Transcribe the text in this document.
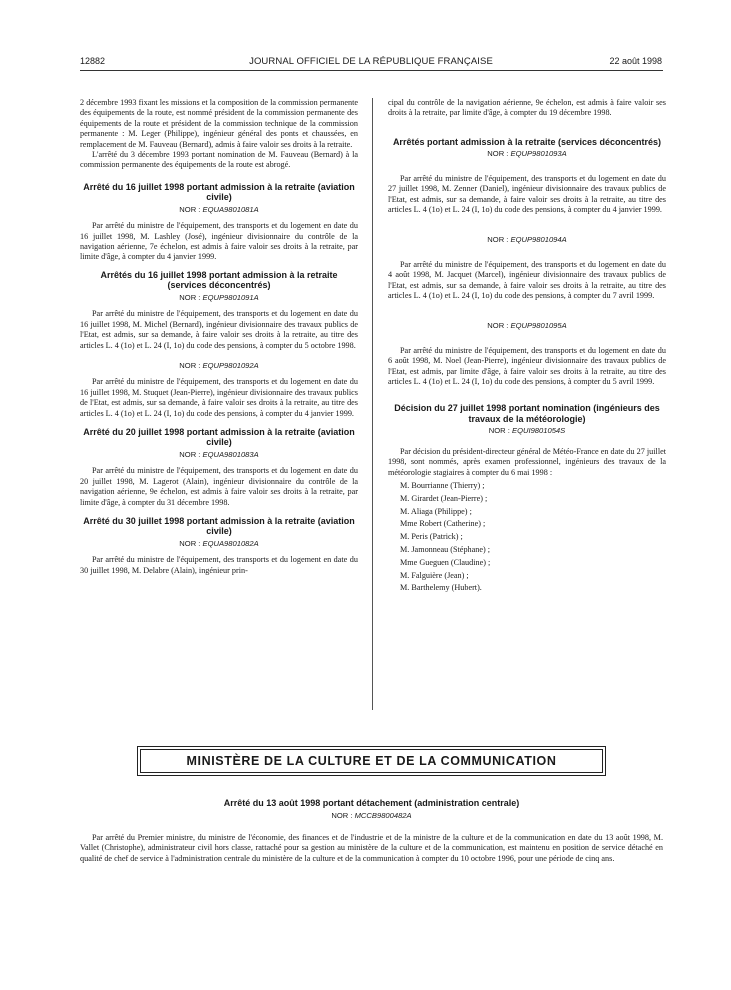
12882	JOURNAL OFFICIEL DE LA RÉPUBLIQUE FRANÇAISE	22 août 1998

2 décembre 1993 fixant les missions et la composition de la commission permanente des équipements de la route, est nommé président de la commission permanente des équipements de la route et président de la commission technique de la commission permanente : M. Leger (Philippe), ingénieur général des ponts et chaussées, en remplacement de M. Fauveau (Bernard), admis à faire valoir ses droits à la retraite.

L'arrêté du 3 décembre 1993 portant nomination de M. Fauveau (Bernard) à la commission permanente des équipements de la route est abrogé.

Arrêté du 16 juillet 1998 portant admission à la retraite (aviation civile)
NOR : EQUA9801081A

Par arrêté du ministre de l'équipement, des transports et du logement en date du 16 juillet 1998, M. Lashley (José), ingénieur divisionnaire du contrôle de la navigation aérienne, 7e échelon, est admis à faire valoir ses droits à la retraite, par limite d'âge, à compter du 4 janvier 1999.

Arrêtés du 16 juillet 1998 portant admission à la retraite (services déconcentrés)
NOR : EQUP9801091A

Par arrêté du ministre de l'équipement, des transports et du logement en date du 16 juillet 1998, M. Michel (Bernard), ingénieur divisionnaire des travaux publics de l'Etat, est admis, sur sa demande, à faire valoir ses droits à la retraite, au titre des articles L. 4 (1o) et L. 24 (I, 1o) du code des pensions, à compter du 5 octobre 1998.

NOR : EQUP9801092A

Par arrêté du ministre de l'équipement, des transports et du logement en date du 16 juillet 1998, M. Stuquet (Jean-Pierre), ingénieur divisionnaire des travaux publics de l'Etat, est admis, sur sa demande, à faire valoir ses droits à la retraite, au titre des articles L. 4 (1o) et L. 24 (I, 1o) du code des pensions, à compter du 4 janvier 1999.

Arrêté du 20 juillet 1998 portant admission à la retraite (aviation civile)
NOR : EQUA9801083A

Par arrêté du ministre de l'équipement, des transports et du logement en date du 20 juillet 1998, M. Lagerot (Alain), ingénieur divisionnaire du contrôle de la navigation aérienne, 9e échelon, est admis à faire valoir ses droits à la retraite, par limite d'âge, à compter du 31 décembre 1998.

Arrêté du 30 juillet 1998 portant admission à la retraite (aviation civile)
NOR : EQUA9801082A

Par arrêté du ministre de l'équipement, des transports et du logement en date du 30 juillet 1998, M. Delabre (Alain), ingénieur prin-

cipal du contrôle de la navigation aérienne, 9e échelon, est admis à faire valoir ses droits à la retraite, par limite d'âge, à compter du 19 décembre 1998.

Arrêtés portant admission à la retraite (services déconcentrés)
NOR : EQUP9801093A

Par arrêté du ministre de l'équipement, des transports et du logement en date du 27 juillet 1998, M. Zenner (Daniel), ingénieur divisionnaire des travaux publics de l'Etat, est admis, sur sa demande, à faire valoir ses droits à la retraite, au titre des articles L. 4 (1o) et L. 24 (I, 1o) du code des pensions, à compter du 4 janvier 1999.

NOR : EQUP9801094A

Par arrêté du ministre de l'équipement, des transports et du logement en date du 4 août 1998, M. Jacquet (Marcel), ingénieur divisionnaire des travaux publics de l'Etat, est admis, sur sa demande, à faire valoir ses droits à la retraite, au titre des articles L. 4 (1o) et L. 24 (I, 1o) du code des pensions, à compter du 7 avril 1999.

NOR : EQUP9801095A

Par arrêté du ministre de l'équipement, des transports et du logement en date du 6 août 1998, M. Noel (Jean-Pierre), ingénieur divisionnaire des travaux publics de l'Etat, est admis, par limite d'âge, à faire valoir ses droits à la retraite, au titre des articles L. 4 (1o) et L. 24 (I, 1o) du code des pensions, à compter du 5 avril 1999.

Décision du 27 juillet 1998 portant nomination (ingénieurs des travaux de la météorologie)
NOR : EQUI9801054S

Par décision du président-directeur général de Météo-France en date du 27 juillet 1998, sont nommés, après examen professionnel, ingénieurs des travaux de la météorologie stagiaires à compter du 6 mai 1998 :

M. Bourrianne (Thierry) ;
M. Girardet (Jean-Pierre) ;
M. Aliaga (Philippe) ;
Mme Robert (Catherine) ;
M. Peris (Patrick) ;
M. Jamonneau (Stéphane) ;
Mme Gueguen (Claudine) ;
M. Falguière (Jean) ;
M. Barthelemy (Hubert).
MINISTÈRE DE LA CULTURE ET DE LA COMMUNICATION
Arrêté du 13 août 1998 portant détachement (administration centrale)
NOR : MCCB9800482A

Par arrêté du Premier ministre, du ministre de l'économie, des finances et de l'industrie et de la ministre de la culture et de la communication en date du 13 août 1998, M. Vallet (Christophe), administrateur civil hors classe, rattaché pour sa gestion au ministère de la culture et de la communication, est maintenu en position de service détaché en qualité de chef de service à l'administration centrale du ministère de la culture et de la communication à compter du 10 octobre 1996, pour une période de cinq ans.
